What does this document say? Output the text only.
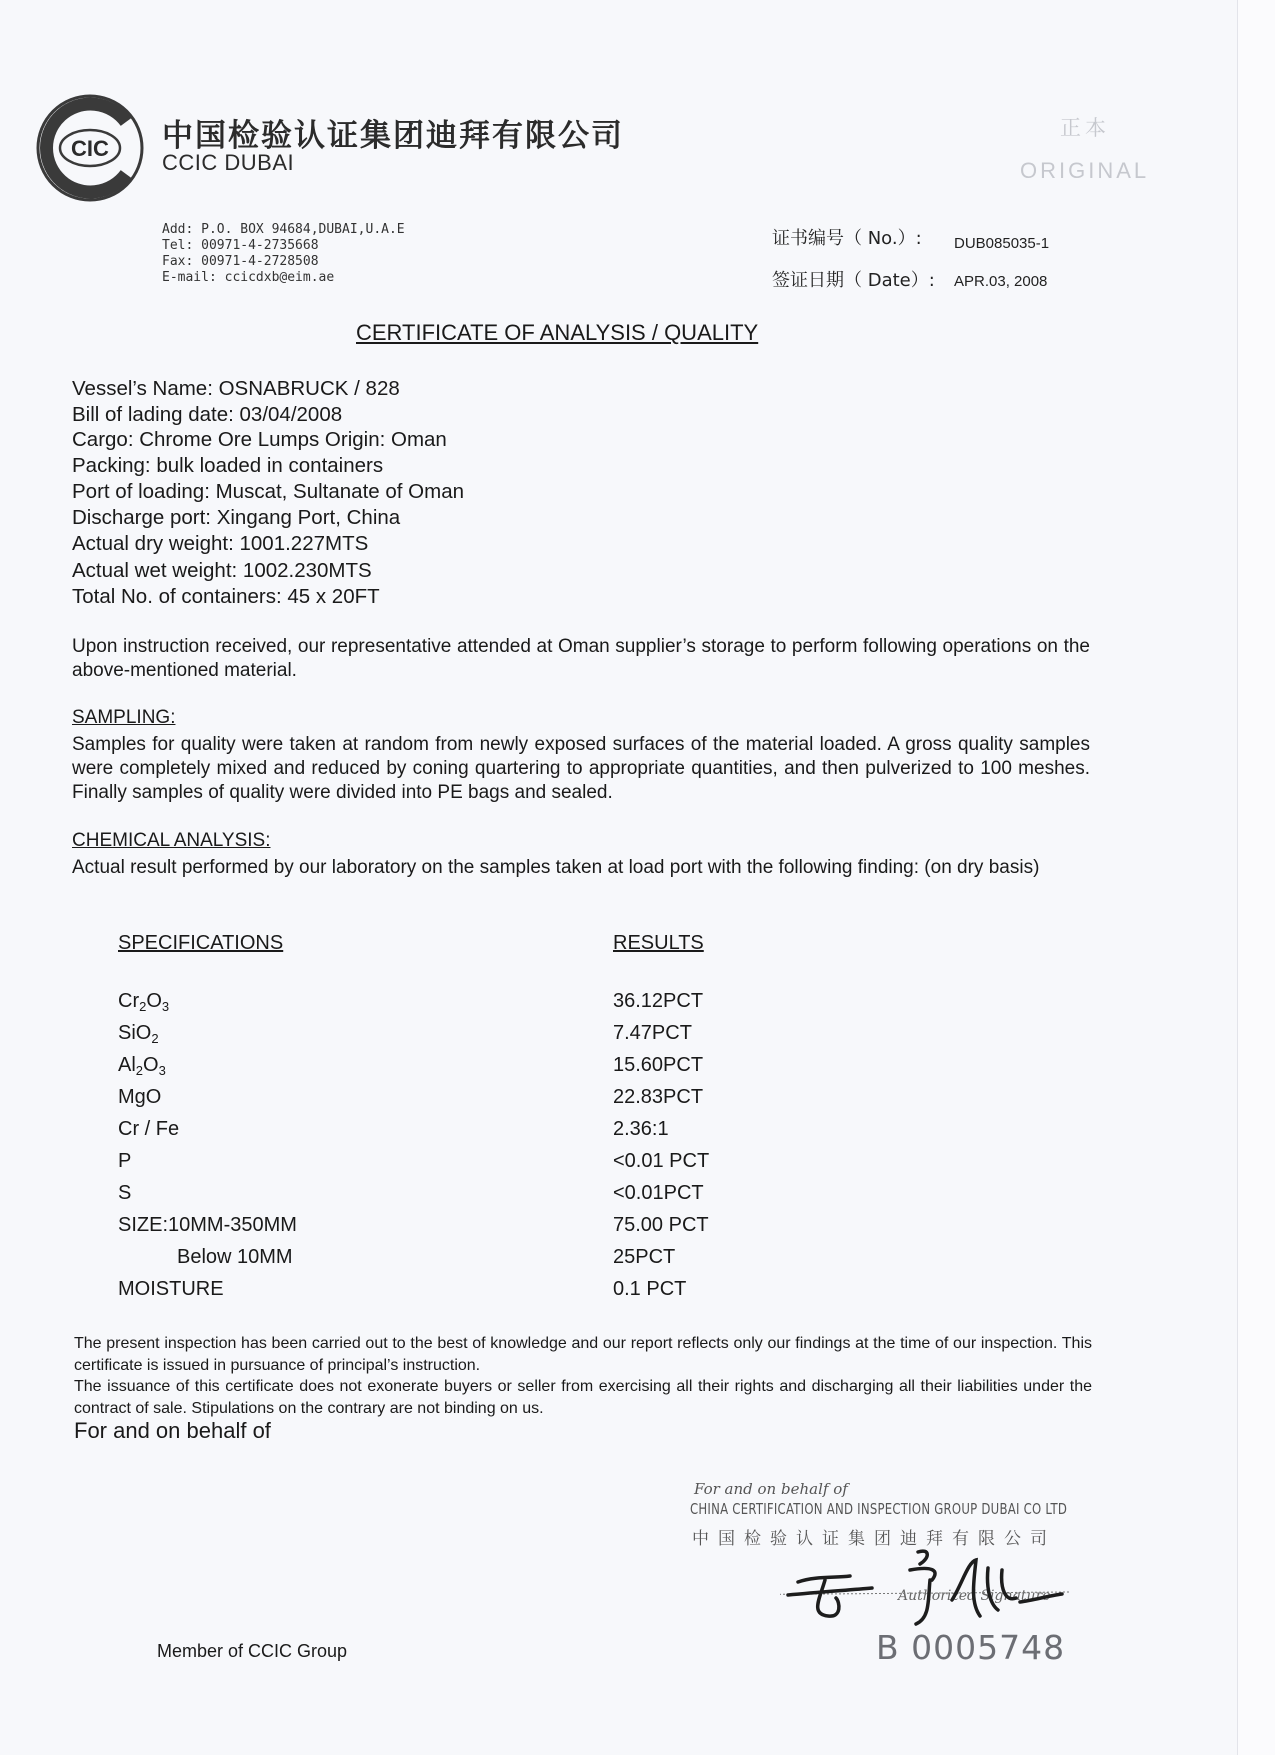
CIC 中国检验认证集团迪拜有限公司
CCIC DUBAI
正本
ORIGINAL
Add: P.O. BOX 94684,DUBAI,U.A.E
Tel: 00971-4-2735668
Fax: 00971-4-2728508
E-mail: ccicdxb@eim.ae
证书编号（ No.）: DUB085035-1
签证日期（ Date）: APR.03, 2008
CERTIFICATE OF ANALYSIS / QUALITY
Vessel’s Name: OSNABRUCK / 828
Bill of lading date: 03/04/2008
Cargo: Chrome Ore Lumps Origin: Oman
Packing: bulk loaded in containers
Port of loading: Muscat, Sultanate of Oman
Discharge port: Xingang Port, China
Actual dry weight: 1001.227MTS
Actual wet weight: 1002.230MTS
Total No. of containers: 45 x 20FT
Upon instruction received, our representative attended at Oman supplier’s storage to perform following operations on the above-mentioned material.
SAMPLING:
Samples for quality were taken at random from newly exposed surfaces of the material loaded. A gross quality samples were completely mixed and reduced by coning quartering to appropriate quantities, and then pulverized to 100 meshes. Finally samples of quality were divided into PE bags and sealed.
CHEMICAL ANALYSIS:
Actual result performed by our laboratory on the samples taken at load port with the following finding: (on dry basis)
SPECIFICATIONS	RESULTS
$Cr_2O_3$	36.12PCT
SiO$_2$	7.47PCT
$Al_2O_3$	15.60PCT
MgO	22.83PCT
Cr / Fe	2.36:1
P	<0.01 PCT
S	<0.01PCT
SIZE:10MM-350MM	75.00 PCT
Below 10MM	25PCT
MOISTURE	0.1 PCT
The present inspection has been carried out to the best of knowledge and our report reflects only our findings at the time of our inspection. This certificate is issued in pursuance of principal’s instruction.
The issuance of this certificate does not exonerate buyers or seller from exercising all their rights and discharging all their liabilities under the contract of sale. Stipulations on the contrary are not binding on us.
For and on behalf of
For and on behalf of
CHINA CERTIFICATION AND INSPECTION GROUP DUBAI CO LTD
中国检验认证集团迪拜有限公司
Authorized Signature
Member of CCIC Group	B 0005748
